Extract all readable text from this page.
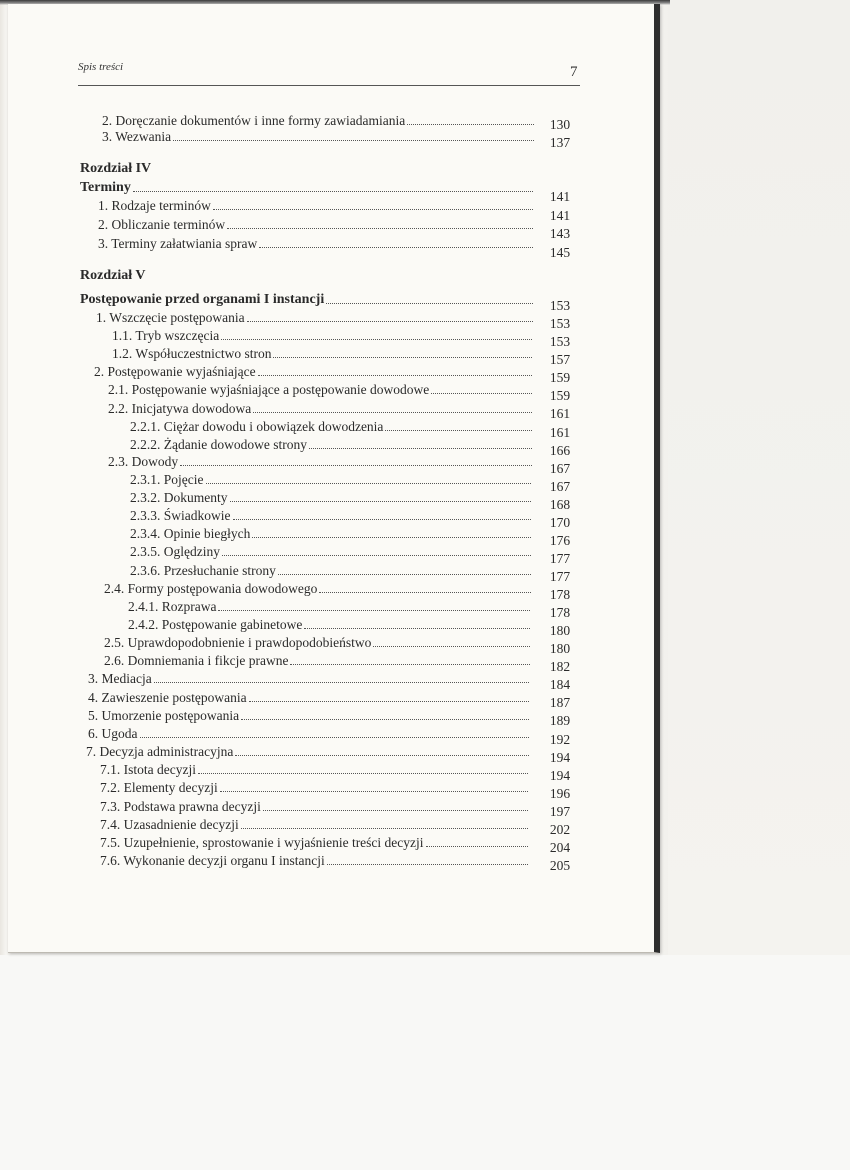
Spis treści	7
2. Doręczanie dokumentów i inne formy zawiadamiania
3. Wezwania
Rozdział IV
Terminy
1. Rodzaje terminów
2. Obliczanie terminów
3. Terminy załatwiania spraw
Rozdział V
Postępowanie przed organami I instancji
1. Wszczęcie postępowania
1.1. Tryb wszczęcia
1.2. Współuczestnictwo stron
2. Postępowanie wyjaśniające
2.1. Postępowanie wyjaśniające a postępowanie dowodowe
2.2. Inicjatywa dowodowa
2.2.1. Ciężar dowodu i obowiązek dowodzenia
2.2.2. Żądanie dowodowe strony
2.3. Dowody
2.3.1. Pojęcie
2.3.2. Dokumenty
2.3.3. Świadkowie
2.3.4. Opinie biegłych
2.3.5. Oględziny
2.3.6. Przesłuchanie strony
2.4. Formy postępowania dowodowego
2.4.1. Rozprawa
2.4.2. Postępowanie gabinetowe
2.5. Uprawdopodobnienie i prawdopodobieństwo
2.6. Domniemania i fikcje prawne
3. Mediacja
4. Zawieszenie postępowania
5. Umorzenie postępowania
6. Ugoda
7. Decyzja administracyjna
7.1. Istota decyzji
7.2. Elementy decyzji
7.3. Podstawa prawna decyzji
7.4. Uzasadnienie decyzji
7.5. Uzupełnienie, sprostowanie i wyjaśnienie treści decyzji
7.6. Wykonanie decyzji organu I instancji
130
137
141
141
143
145
153
153
153
157
159
159
161
161
166
167
167
168
170
176
177
177
178
178
180
180
182
184
187
189
192
194
194
196
197
202
204
205
